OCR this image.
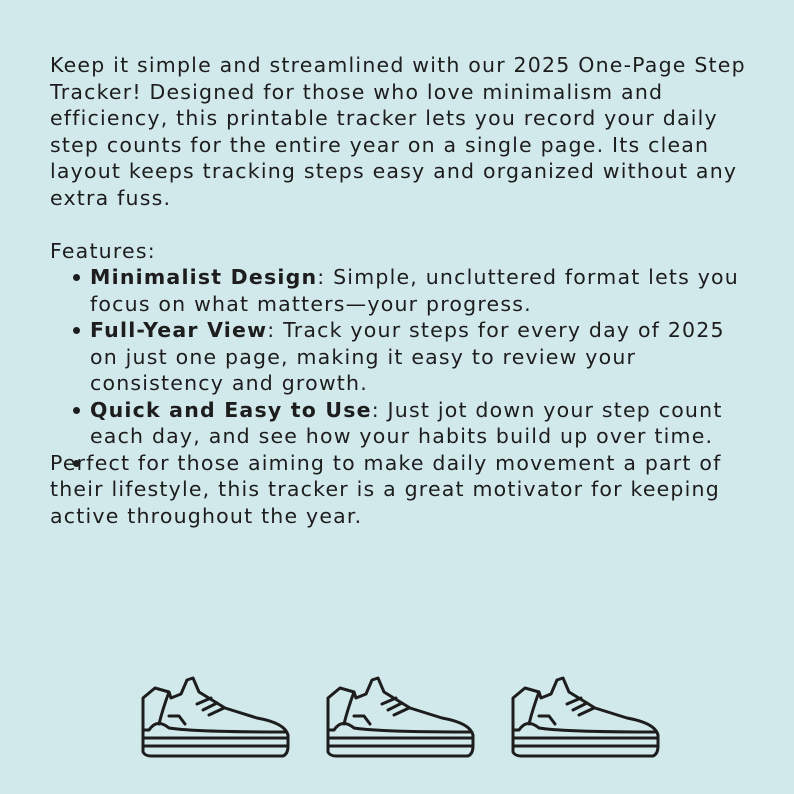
Keep it simple and streamlined with our 2025 One-Page Step Tracker! Designed for those who love minimalism and efficiency, this printable tracker lets you record your daily step counts for the entire year on a single page. Its clean layout keeps tracking steps easy and organized without any extra fuss.

Features:
Minimalist Design: Simple, uncluttered format lets you focus on what matters—your progress.
Full-Year View: Track your steps for every day of 2025 on just one page, making it easy to review your consistency and growth.
Quick and Easy to Use: Just jot down your step count each day, and see how your habits build up over time.

Perfect for those aiming to make daily movement a part of their lifestyle, this tracker is a great motivator for keeping active throughout the year.
